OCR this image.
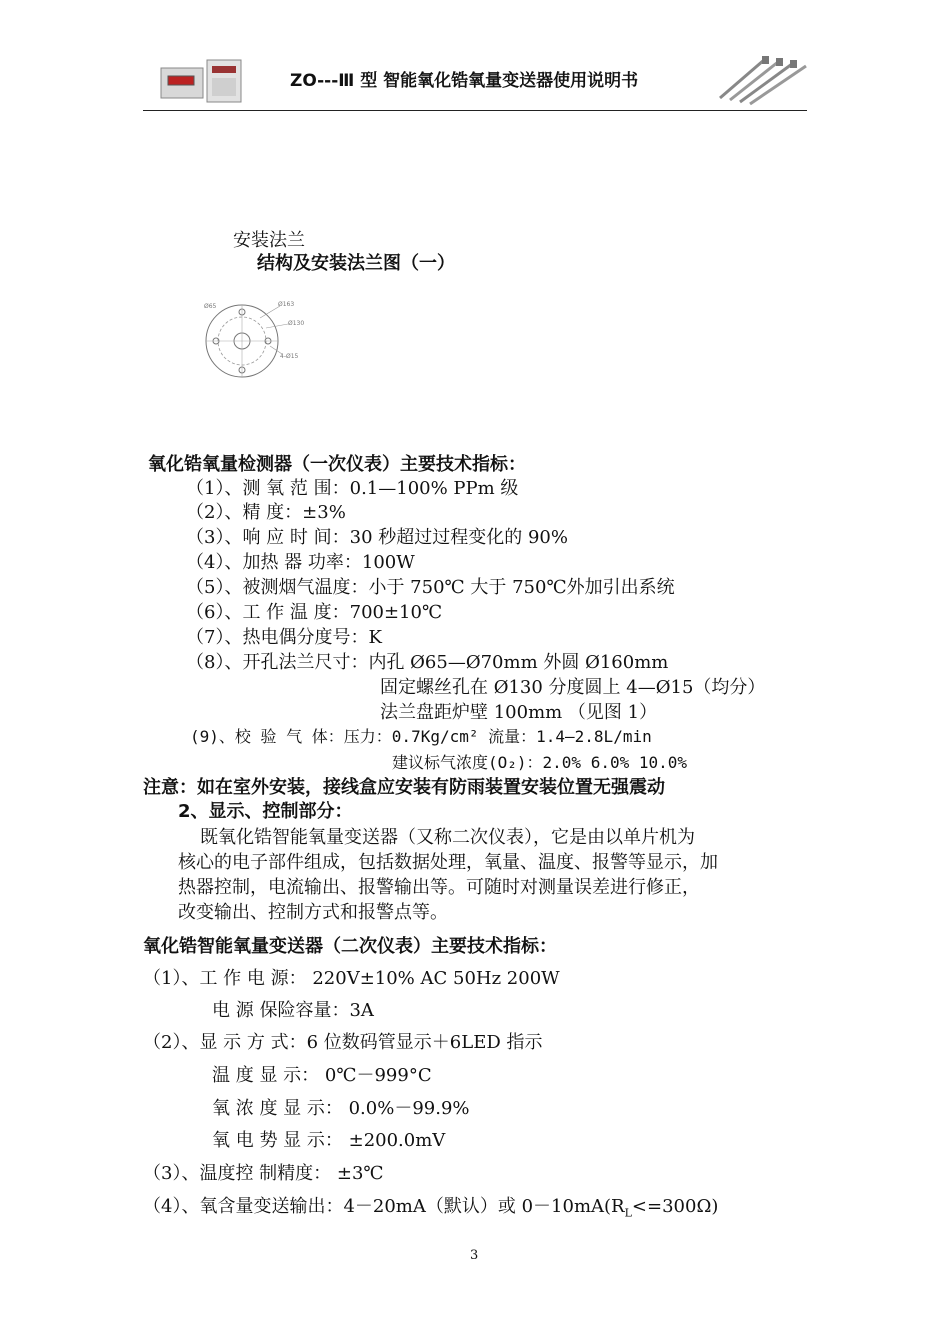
ZO---Ⅲ 型 智能氧化锆氧量变送器使用说明书
安装法兰
结构及安装法兰图（一）
Ø65	Ø163
Ø130
4-Ø15
氧化锆氧量检测器（一次仪表）主要技术指标：
（1）、测 氧 范 围：0.1—100% PPm 级
（2）、精 度：±3%
（3）、响 应 时 间：30 秒超过过程变化的 90%
（4）、加热 器 功率：100W
（5）、被测烟气温度：小于 750℃ 大于 750℃外加引出系统
（6）、工 作 温 度：700±10℃
（7）、热电偶分度号：K
（8）、开孔法兰尺寸：内孔 Ø65—Ø70mm 外圆 Ø160mm
固定螺丝孔在 Ø130 分度圆上 4—Ø15（均分）
法兰盘距炉壁 100mm （见图 1）
(9)、校 验 气 体：压力：0.7Kg/cm² 流量：1.4—2.8L/min
建议标气浓度(O₂)：2.0% 6.0% 10.0%
注意：如在室外安装，接线盒应安装有防雨装置安装位置无强震动
2、显示、控制部分：
既氧化锆智能氧量变送器（又称二次仪表），它是由以单片机为
核心的电子部件组成，包括数据处理，氧量、温度、报警等显示，加
热器控制，电流输出、报警输出等。可随时对测量误差进行修正，
改变输出、控制方式和报警点等。
氧化锆智能氧量变送器（二次仪表）主要技术指标：
（1）、工 作 电 源： 220V±10% AC 50Hz 200W
电 源 保险容量：3A
（2）、显 示 方 式：6 位数码管显示＋6LED 指示
温 度 显 示： 0℃－999°C
氧 浓 度 显 示： 0.0%－99.9%
氧 电 势 显 示： ±200.0mV
（3）、温度控 制精度： ±3℃
（4）、氧含量变送输出：4－20mA（默认）或 $0-10mA(R_L<=300\Omega)$
3
